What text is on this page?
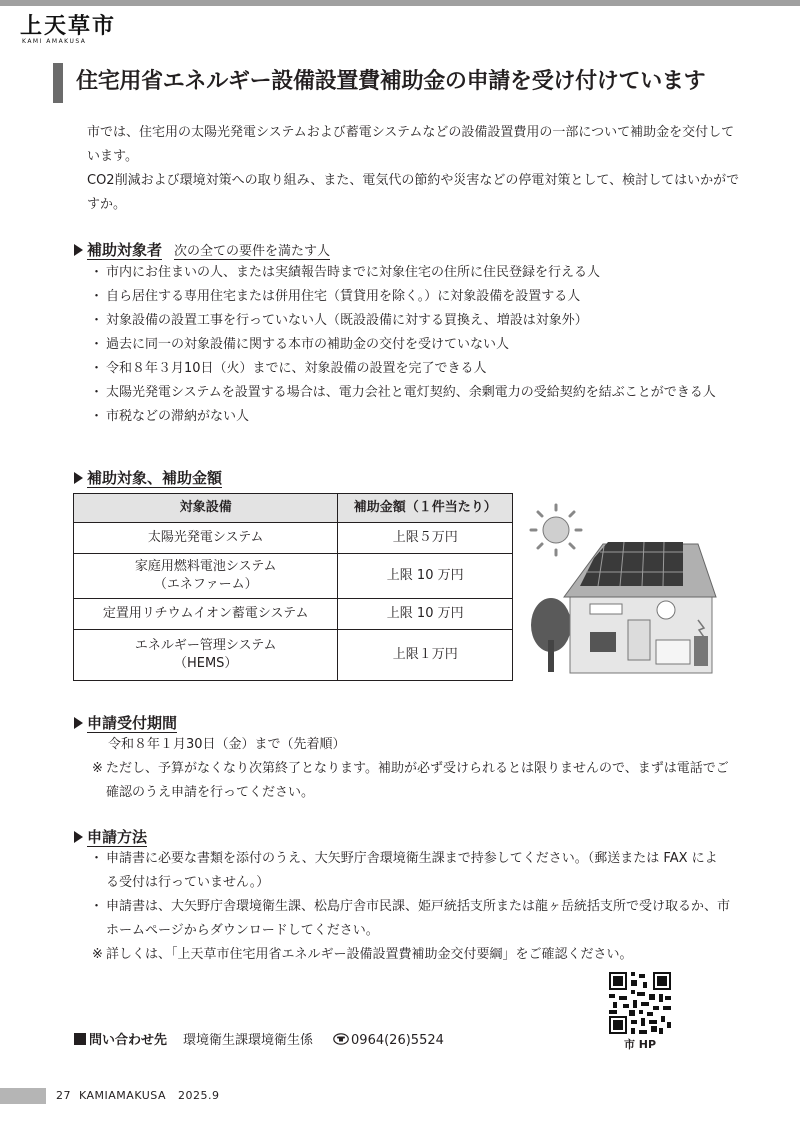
上天草市
KAMI AMAKUSA
住宅用省エネルギー設備設置費補助金の申請を受け付けています
市では、住宅用の太陽光発電システムおよび蓄電システムなどの設備設置費用の一部について補助金を交付しています。
CO2削減および環境対策への取り組み、また、電気代の節約や災害などの停電対策として、検討してはいかがですか。
補助対象者 次の全ての要件を満たす人
・ 市内にお住まいの人、または実績報告時までに対象住宅の住所に住民登録を行える人
・ 自ら居住する専用住宅または併用住宅（賃貸用を除く。）に対象設備を設置する人
・ 対象設備の設置工事を行っていない人（既設設備に対する買換え、増設は対象外）
・ 過去に同一の対象設備に関する本市の補助金の交付を受けていない人
・ 令和８年３月10日（火）までに、対象設備の設置を完了できる人
・ 太陽光発電システムを設置する場合は、電力会社と電灯契約、余剰電力の受給契約を結ぶことができる人
・ 市税などの滞納がない人
補助対象、補助金額
対象設備	補助金額（１件当たり）

太陽光発電システム	上限５万円

家庭用燃料電池システム
（エネファーム）	上限 10 万円

定置用リチウムイオン蓄電システム	上限 10 万円

エネルギー管理システム
（HEMS）	上限１万円
申請受付期間
令和８年１月30日（金）まで（先着順）
※ ただし、予算がなくなり次第終了となります。補助が必ず受けられるとは限りませんので、まずは電話でご確認のうえ申請を行ってください。
申請方法
・ 申請書に必要な書類を添付のうえ、大矢野庁舎環境衛生課まで持参してください。（郵送または FAX による受付は行っていません。）
・ 申請書は、大矢野庁舎環境衛生課、松島庁舎市民課、姫戸統括支所または龍ヶ岳統括支所で受け取るか、市ホームページからダウンロードしてください。
※ 詳しくは、「上天草市住宅用省エネルギー設備設置費補助金交付要綱」をご確認ください。
市 HP
問い合わせ先 環境衛生課環境衛生係	0964(26)5524
27 KAMIAMAKUSA 2025.9
